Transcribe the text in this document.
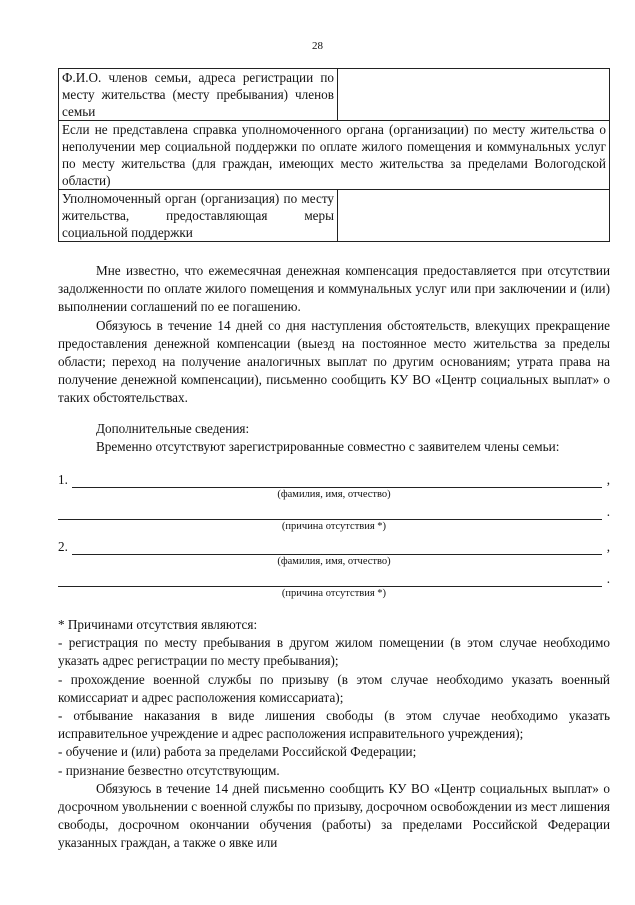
28
Ф.И.О. членов семьи, адреса регистрации по месту жительства (месту пребывания) членов семьи	
Если не представлена справка уполномоченного органа (организации) по месту жительства о неполучении мер социальной поддержки по оплате жилого помещения и коммунальных услуг по месту жительства (для граждан, имеющих место жительства за пределами Вологодской области)	
Уполномоченный орган (организация) по месту жительства, предоставляющая меры социальной поддержки	

Мне известно, что ежемесячная денежная компенсация предоставляется при отсутствии задолженности по оплате жилого помещения и коммунальных услуг или при заключении и (или) выполнении соглашений по ее погашению.

Обязуюсь в течение 14 дней со дня наступления обстоятельств, влекущих прекращение предоставления денежной компенсации (выезд на постоянное место жительства за пределы области; переход на получение аналогичных выплат по другим основаниям; утрата права на получение денежной компенсации), письменно сообщить КУ ВО «Центр социальных выплат» о таких обстоятельствах.

Дополнительные сведения:

Временно отсутствуют зарегистрированные совместно с заявителем члены семьи:

1.	,
(фамилия, имя, отчество)
.
(причина отсутствия *)
2.	,
(фамилия, имя, отчество)
.
(причина отсутствия *)

* Причинами отсутствия являются:

- регистрация по месту пребывания в другом жилом помещении (в этом случае необходимо указать адрес регистрации по месту пребывания);

- прохождение военной службы по призыву (в этом случае необходимо указать военный комиссариат и адрес расположения комиссариата);

- отбывание наказания в виде лишения свободы (в этом случае необходимо указать исправительное учреждение и адрес расположения исправительного учреждения);

- обучение и (или) работа за пределами Российской Федерации;

- признание безвестно отсутствующим.

Обязуюсь в течение 14 дней письменно сообщить КУ ВО «Центр социальных выплат» о досрочном увольнении с военной службы по призыву, досрочном освобождении из мест лишения свободы, досрочном окончании обучения (работы) за пределами Российской Федерации указанных граждан, а также о явке или
